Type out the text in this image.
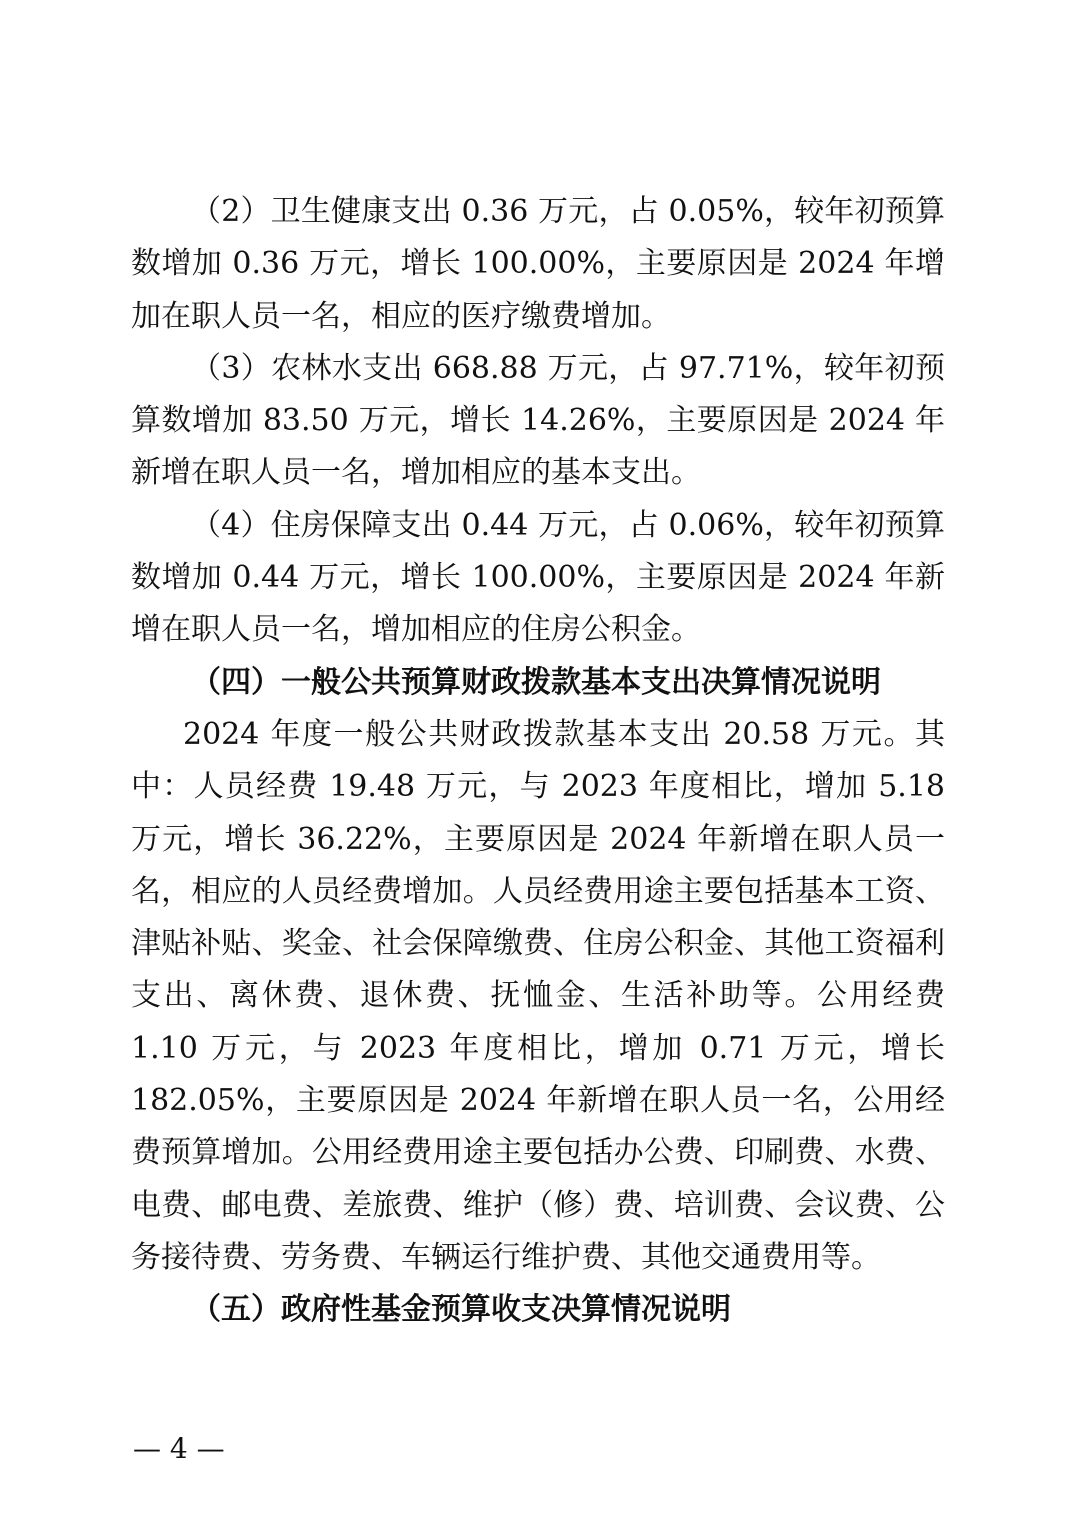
（2）卫生健康支出 0.36 万元，占 0.05%，较年初预算数增加 0.36 万元，增长 100.00%，主要原因是 2024 年增加在职人员一名，相应的医疗缴费增加。

（3）农林水支出 668.88 万元，占 97.71%，较年初预算数增加 83.50 万元，增长 14.26%，主要原因是 2024 年新增在职人员一名，增加相应的基本支出。

（4）住房保障支出 0.44 万元，占 0.06%，较年初预算数增加 0.44 万元，增长 100.00%，主要原因是 2024 年新增在职人员一名，增加相应的住房公积金。

（四）一般公共预算财政拨款基本支出决算情况说明

2024 年度一般公共财政拨款基本支出 20.58 万元。其中：人员经费 19.48 万元，与 2023 年度相比，增加 5.18 万元，增长 36.22%，主要原因是 2024 年新增在职人员一名，相应的人员经费增加。人员经费用途主要包括基本工资、津贴补贴、奖金、社会保障缴费、住房公积金、其他工资福利支出、离休费、退休费、抚恤金、生活补助等。公用经费 1.10 万元，与 2023 年度相比，增加 0.71 万元，增长 182.05%，主要原因是 2024 年新增在职人员一名，公用经费预算增加。公用经费用途主要包括办公费、印刷费、水费、电费、邮电费、差旅费、维护（修）费、培训费、会议费、公务接待费、劳务费、车辆运行维护费、其他交通费用等。

（五）政府性基金预算收支决算情况说明
— 4 —
